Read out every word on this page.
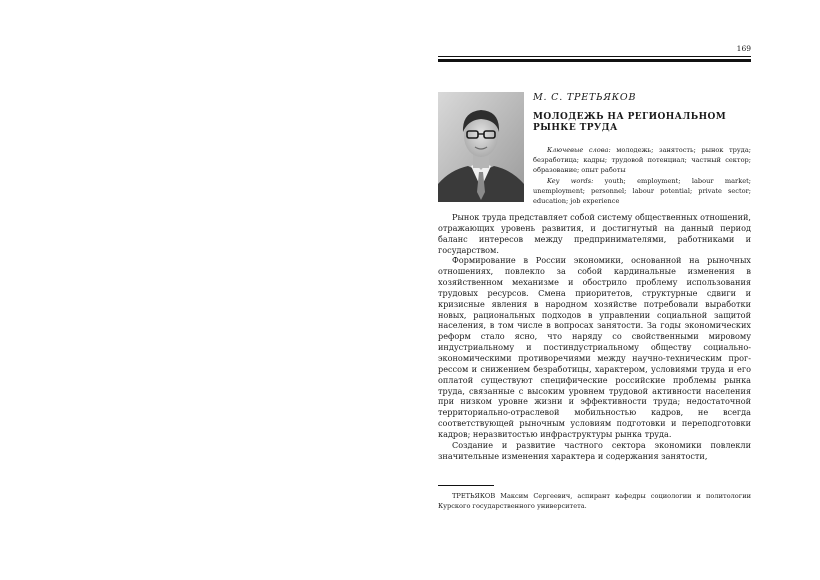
169
М. С. ТРЕТЬЯКОВ
МОЛОДЕЖЬ НА РЕГИОНАЛЬНОМ
РЫНКЕ ТРУДА

Ключевые слова: молодежь; занятость; рынок труда; безработица; кадры; трудовой потенциал; частный сектор; образование; опыт работы

Key words: youth; employment; labour market; unemployment; personnel; labour potential; private sector; education; job experience

Рынок труда представляет собой систему общественных отношений, отражающих уровень развития, и достигнутый на данный период баланс интересов между предпринимателями, работниками и государством.

Формирование в России экономики, основанной на рыночных отношениях, повлекло за собой кардинальные изменения в хозяйственном механизме и обострило проблему использования трудовых ресурсов. Смена приоритетов, структурные сдвиги и кризисные явления в народном хозяйстве потребовали выработки новых, рациональных подходов в управлении социальной защитой населения, в том числе в вопросах занятости. За годы экономических реформ стало ясно, что наряду со свойственными мировому индустриальному и постиндустриальному обществу социально-экономическими противоречиями между научно-техническим прогрессом и снижением безработицы, характером, условиями труда и его оплатой существуют специфические российские проблемы рынка труда, связанные с высоким уровнем трудовой активности населения при низком уровне жизни и эффективности труда; недостаточной территориально-отраслевой мобильностью кадров, не всегда соответствующей рыночным условиям подготовки и переподготовки кадров; неразвитостью инфраструктуры рынка труда.

Создание и развитие частного сектора экономики повлекли значительные изменения характера и содержания занятости,

ТРЕТЬЯКОВ Максим Сергеевич, аспирант кафедры социологии и политологии Курского государственного университета.
